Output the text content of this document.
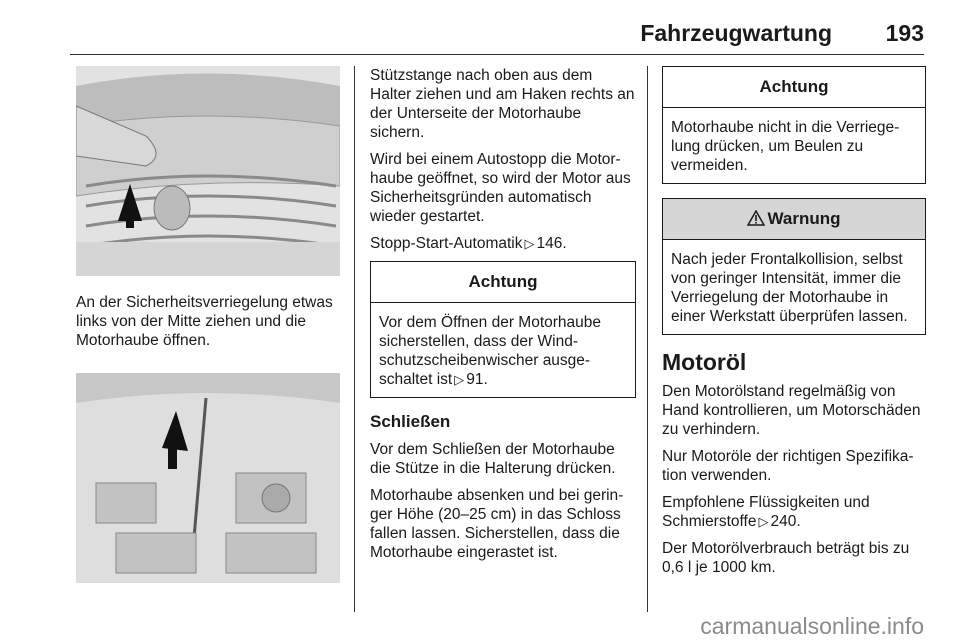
Fahrzeugwartung 193

An der Sicherheitsverriegelung etwas links von der Mitte ziehen und die Motorhaube öffnen.

Stützstange nach oben aus dem Halter ziehen und am Haken rechts an der Unterseite der Motorhaube sichern.

Wird bei einem Autostopp die Motorhaube geöffnet, so wird der Motor aus Sicherheitsgründen automatisch wieder gestartet.

Stopp-Start-Automatik ▷ 146.

Achtung
Vor dem Öffnen der Motorhaube sicherstellen, dass der Windschutzscheibenwischer ausgeschaltet ist ▷ 91.
Schließen

Vor dem Schließen der Motorhaube die Stütze in die Halterung drücken.

Motorhaube absenken und bei geringer Höhe (20–25 cm) in das Schloss fallen lassen. Sicherstellen, dass die Motorhaube eingerastet ist.

Achtung
Motorhaube nicht in die Verriegelung drücken, um Beulen zu vermeiden.
Warnung
Nach jeder Frontalkollision, selbst von geringer Intensität, immer die Verriegelung der Motorhaube in einer Werkstatt überprüfen lassen.
Motoröl

Den Motorölstand regelmäßig von Hand kontrollieren, um Motorschäden zu verhindern.

Nur Motoröle der richtigen Spezifikation verwenden.

Empfohlene Flüssigkeiten und Schmierstoffe ▷ 240.

Der Motorölverbrauch beträgt bis zu 0,6 l je 1000 km.

carmanualsonline.info
